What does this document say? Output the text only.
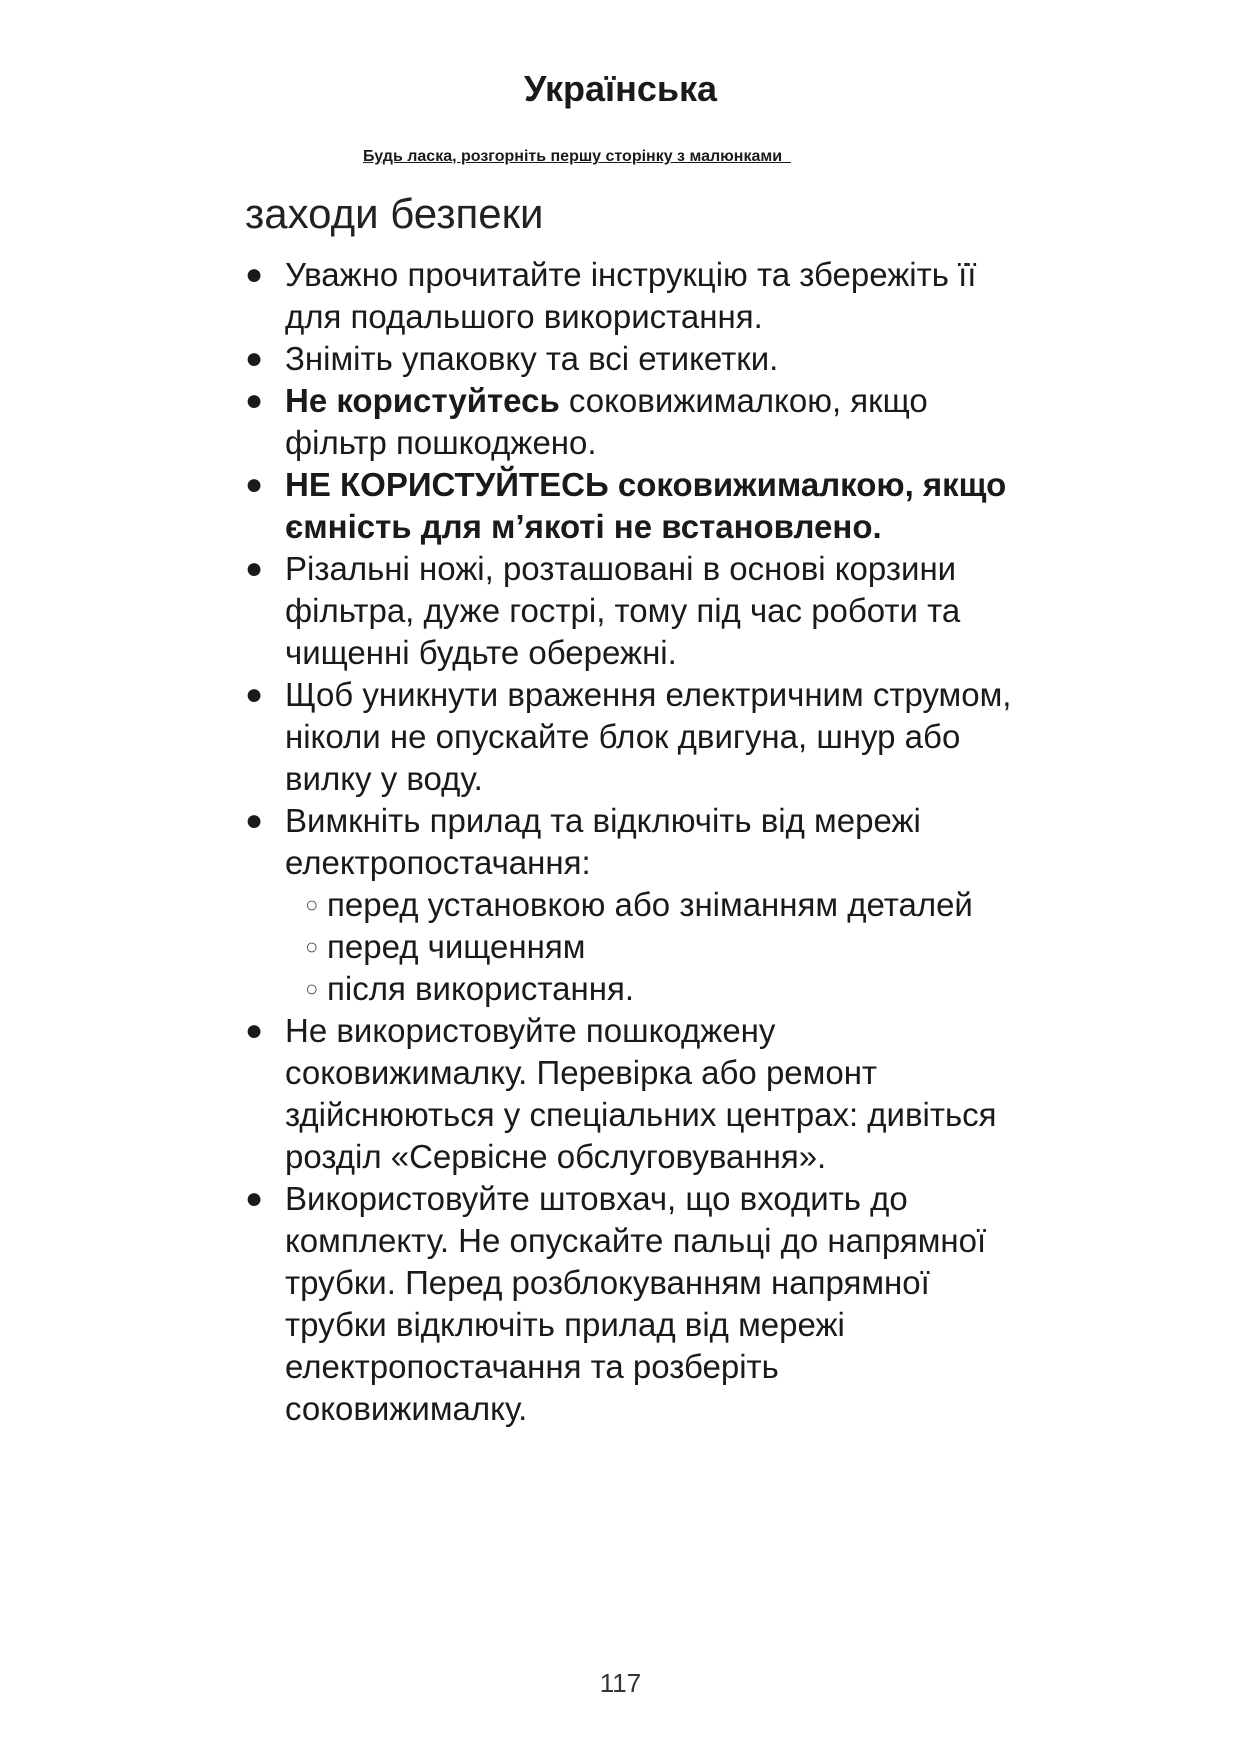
Українська

Будь ласка, розгорніть першу сторінку з малюнками

заходи безпеки
● Уважно прочитайте інструкцію та збережіть її для подальшого використання.
● Зніміть упаковку та всі етикетки.
● Не користуйтесь соковижималкою, якщо фільтр пошкоджено.
● НЕ КОРИСТУЙТЕСЬ соковижималкою, якщо ємність для м’якоті не встановлено.
● Різальні ножі, розташовані в основі корзини фільтра, дуже гострі, тому під час роботи та чищенні будьте обережні.
● Щоб уникнути враження електричним струмом, ніколи не опускайте блок двигуна, шнур або вилку у воду.
● Вимкніть прилад та відключіть від мережі електропостачання:
○ перед установкою або зніманням деталей
○ перед чищенням
○ після використання.
● Не використовуйте пошкоджену соковижималку. Перевірка або ремонт здійснюються у спеціальних центрах: дивіться розділ «Сервісне обслуговування».
● Використовуйте штовхач, що входить до комплекту. Не опускайте пальці до напрямної трубки. Перед розблокуванням напрямної трубки відключіть прилад від мережі електропостачання та розберіть соковижималку.
117
